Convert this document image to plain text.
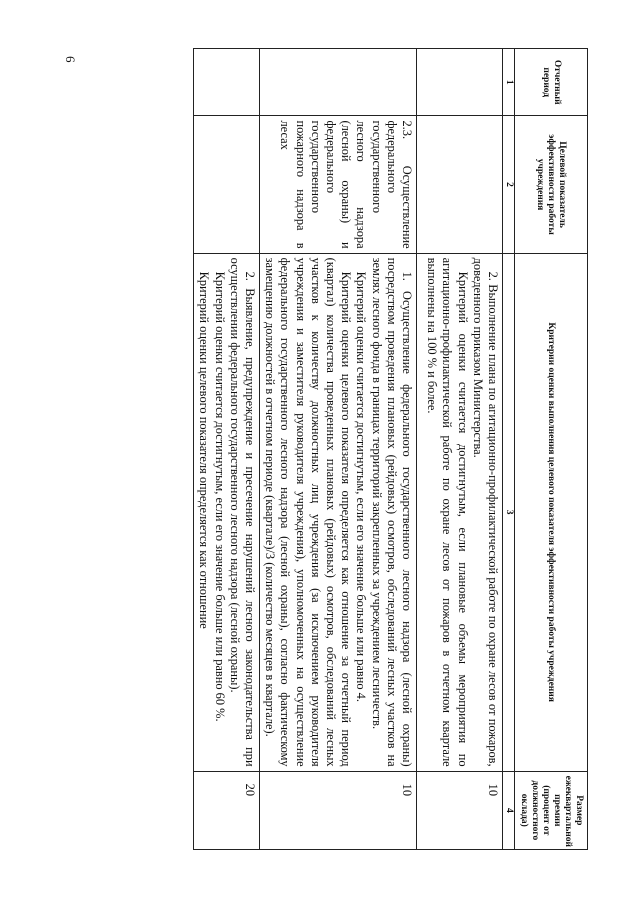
6
Отчетный период	Целевой показатель эффективности работы учреждения	Критерии оценки выполнения целевого показателя эффективности работы учреждения	Размер ежеквартальной премии (процент от должностного оклада)
1	2	3	4

		2. Выполнение плана по агитационно-профилактической работе по охране лесов от пожаров, доведенного приказом Министерства.

Критерий оценки считается достигнутым, если плановые объемы мероприятия по агитационно-профилактической работе по охране лесов от пожаров в отчетном квартале выполнены на 100 % и более.	10
	2.3. Осуществление федерального государственного лесного надзора (лесной охраны) и федерального государственного пожарного надзора в лесах	1. Осуществление федерального государственного лесного надзора (лесной охраны) посредством проведения плановых (рейдовых) осмотров, обследований лесных участков на землях лесного фонда в границах территорий закрепленных за учреждением лесничеств.

Критерий оценки считается достигнутым, если его значение больше или равно 4.

Критерий оценки целевого показателя определяется как отношение за отчетный период (квартал) количества проведенных плановых (рейдовых) осмотров, обследований лесных участков к количеству должностных лиц учреждения (за исключением руководителя учреждения и заместителя руководителя учреждения), уполномоченных на осуществление федерального государственного лесного надзора (лесной охраны), согласно фактическому замещению должностей в отчетном периоде (квартале)/3 (количество месяцев в квартале).	10

		2. Выявление, предупреждение и пресечение нарушений лесного законодательства при осуществлении федерального государственного лесного надзора (лесной охраны).

Критерий оценки считается достигнутым, если его значение больше или равно 60 %.

Критерий оценки целевого показателя определяется как отношение	20
